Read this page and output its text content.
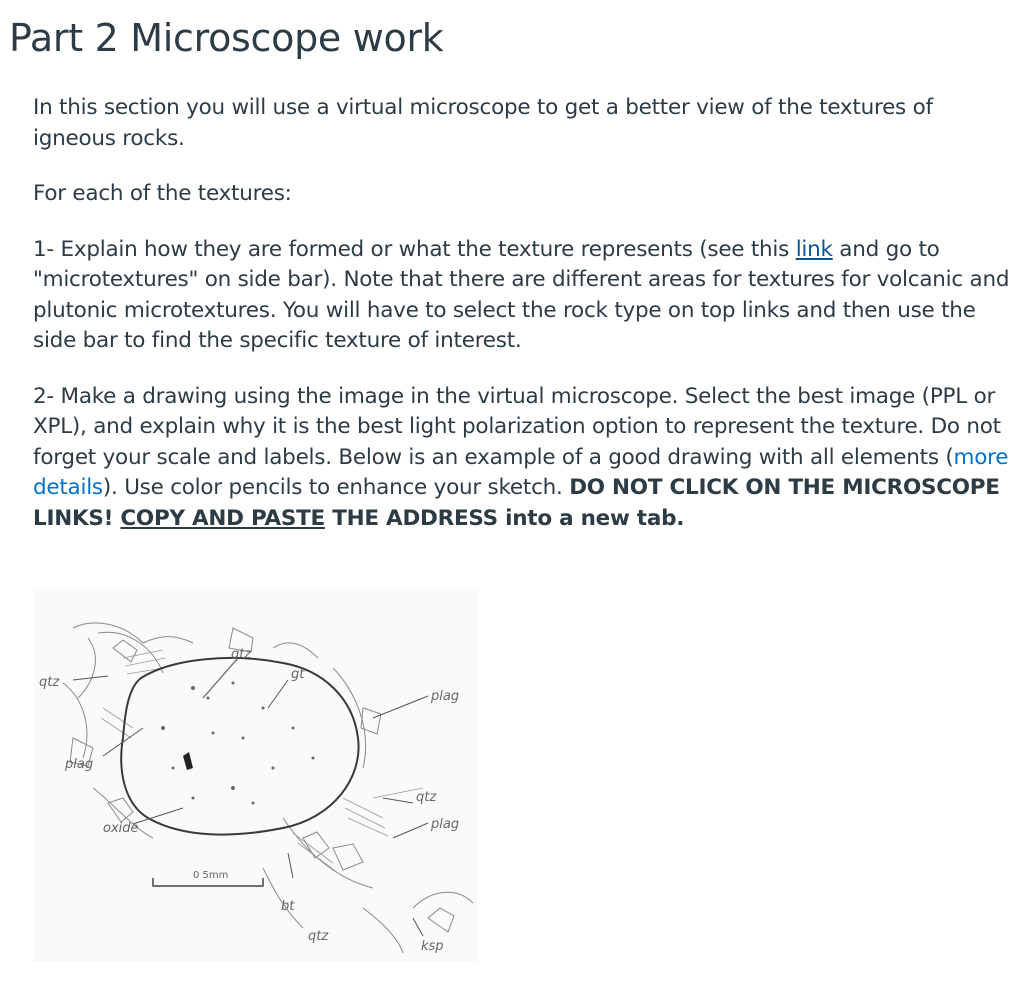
Part 2 Microscope work

In this section you will use a virtual microscope to get a better view of the textures of igneous rocks.

For each of the textures:

1- Explain how they are formed or what the texture represents (see this link and go to "microtextures" on side bar). Note that there are different areas for textures for volcanic and plutonic microtextures. You will have to select the rock type on top links and then use the side bar to find the specific texture of interest.

2- Make a drawing using the image in the virtual microscope. Select the best image (PPL or XPL), and explain why it is the best light polarization option to represent the texture. Do not forget your scale and labels. Below is an example of a good drawing with all elements (more details). Use color pencils to enhance your sketch. DO NOT CLICK ON THE MICROSCOPE LINKS! COPY AND PASTE THE ADDRESS into a new tab.

qtz
qtz
gt
plag
plag
oxide
qtz
plag
bt
qtz
ksp
0 5mm
